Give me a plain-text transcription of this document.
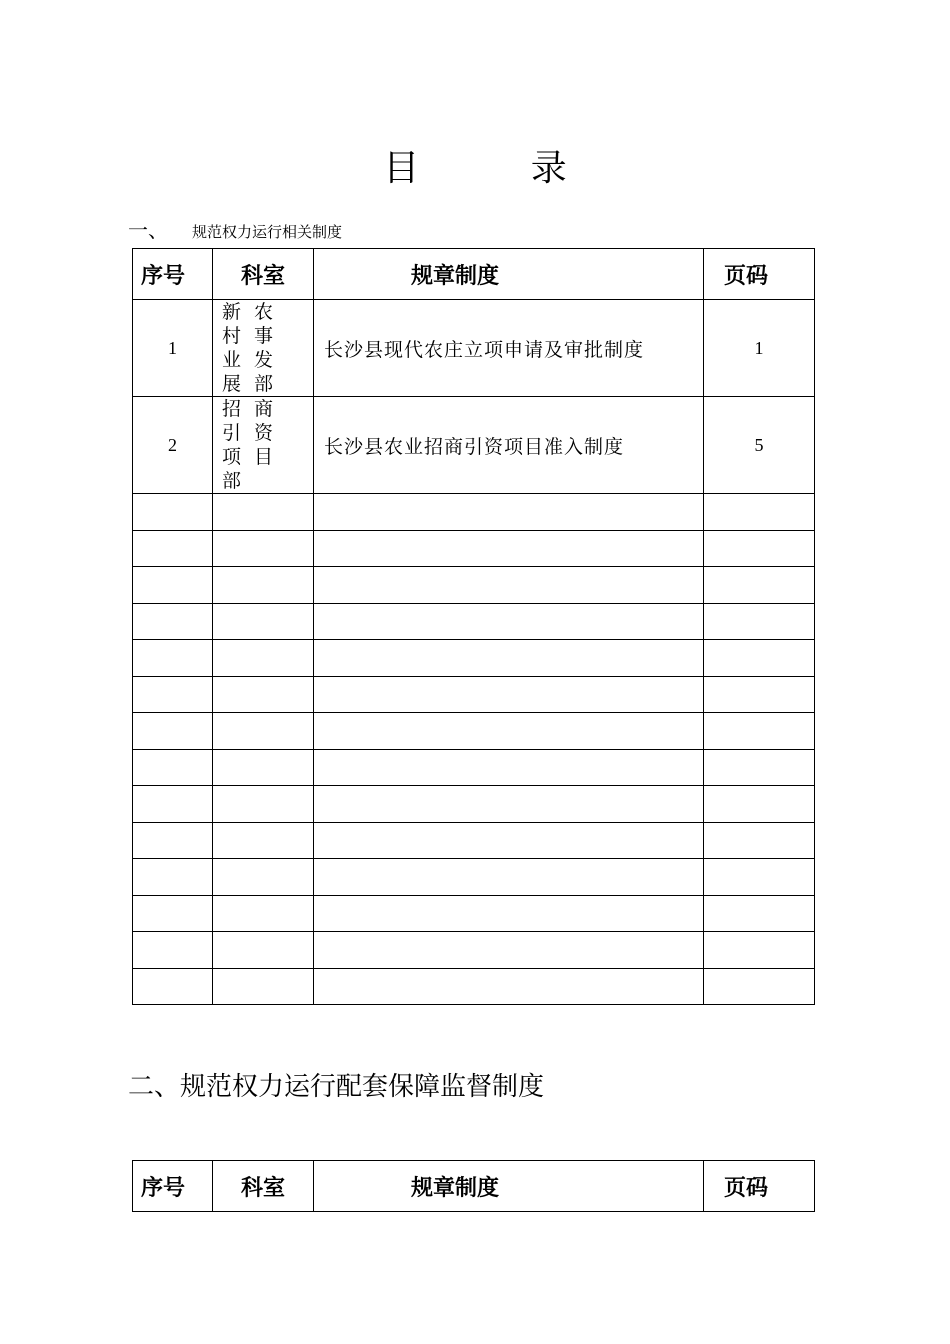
目 录
一、 规范权力运行相关制度
序号	科室	规章制度	页码
1	新农村事业发展部	长沙县现代农庄立项申请及审批制度	1
2	招商引资项目部	长沙县农业招商引资项目准入制度	5

二、规范权力运行配套保障监督制度
序号	科室	规章制度	页码
